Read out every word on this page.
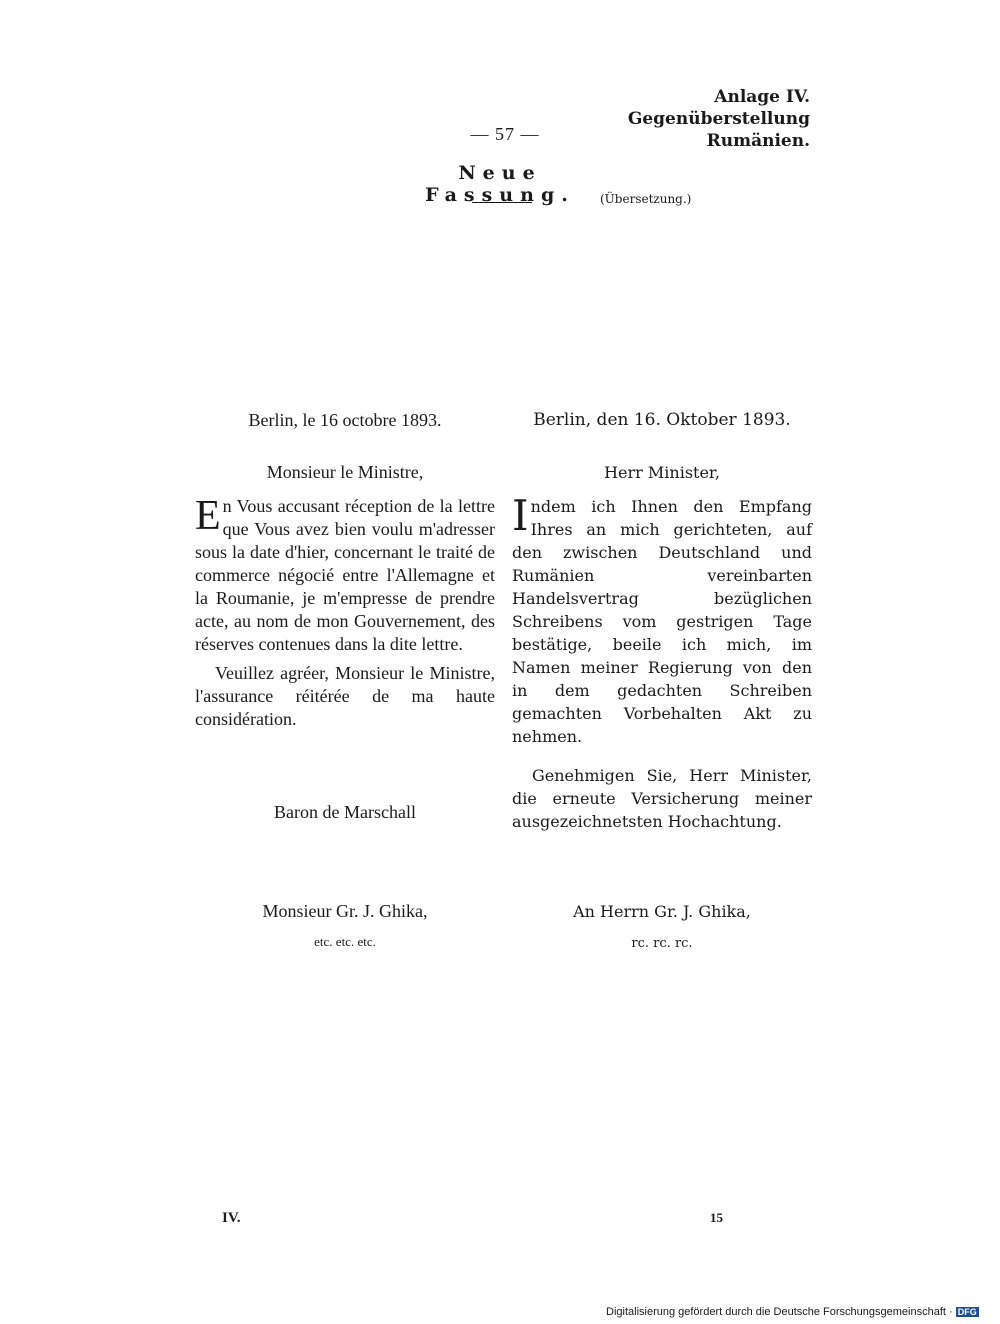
Anlage IV.
Gegenüberstellung Rumänien.
— 57 —
Neue Fassung.	(Übersetzung.)
Berlin, le 16 octobre 1893.
Monsieur le Ministre,

En Vous accusant réception de la lettre que Vous avez bien voulu m'adresser sous la date d'hier, concernant le traité de commerce négocié entre l'Allemagne et la Roumanie, je m'empresse de prendre acte, au nom de mon Gouvernement, des réserves contenues dans la dite lettre.

Veuillez agréer, Monsieur le Ministre, l'assurance réitérée de ma haute considération.

Baron de Marschall
Monsieur Gr. J. Ghika,
etc. etc. etc.
Berlin, den 16. Oktober 1893.
Herr Minister,

Indem ich Ihnen den Empfang Ihres an mich gerichteten, auf den zwischen Deutschland und Rumänien vereinbarten Handelsvertrag bezüglichen Schreibens vom gestrigen Tage bestätige, beeile ich mich, im Namen meiner Regierung von den in dem gedachten Schreiben gemachten Vorbehalten Akt zu nehmen.

Genehmigen Sie, Herr Minister, die erneute Versicherung meiner ausgezeichnetsten Hochachtung.

An Herrn Gr. J. Ghika,
rc. rc. rc.
IV.	15
Digitalisierung gefördert durch die Deutsche Forschungsgemeinschaft · DFG
